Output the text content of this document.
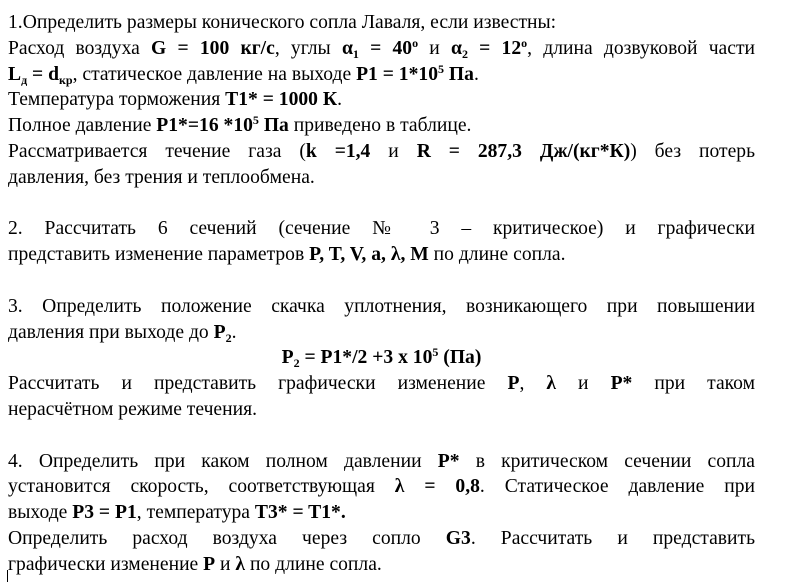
1.Определить размеры конического сопла Лаваля, если известны:
Расход воздуха G = 100 кг/с, углы $\alpha_1 = 40^o$ и $\alpha_2 = 12^o$, длина дозвуковой части
$L_д = d_{кр}$, статическое давление на выходе $P1 = 1*10^5$ Па.
Температура торможения T1* = 1000 К.
Полное давление P1*=16 $*10^5$ Па приведено в таблице.
Рассматривается течение газа (k =1,4 и R = 287,3 Дж/(кг*К)) без потерь
давления, без трения и теплообмена.
2. Рассчитать 6 сечений (сечение № 3 – критическое) и графически
представить изменение параметров P, T, V, a, λ, M по длине сопла.
3. Определить положение скачка уплотнения, возникающего при повышении
давления при выходе до $P_2$.
$P_2 = P1*/2 +3$ х $10^5$ (Па)
Рассчитать и представить графически изменение P, λ и P* при таком
нерасчётном режиме течения.
4. Определить при каком полном давлении P* в критическом сечении сопла
установится скорость, соответствующая λ = 0,8. Статическое давление при
выходе P3 = P1, температура T3* = T1*.
Определить расход воздуха через сопло G3. Рассчитать и представить
графически изменение P и λ по длине сопла.
